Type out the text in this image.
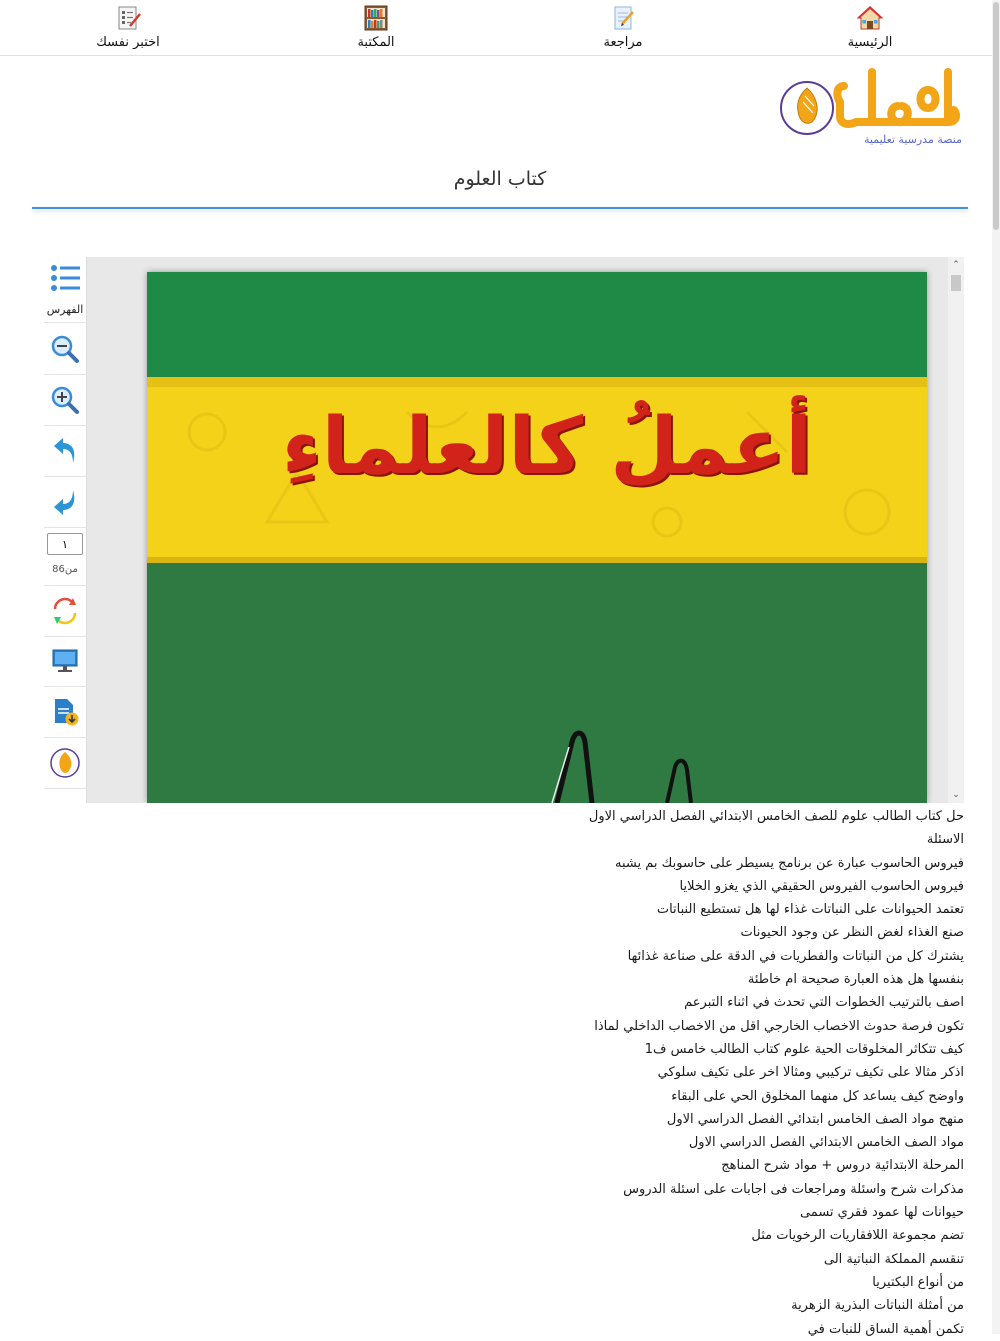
الرئيسية
مراجعة
المكتبة
اختبر نفسك
منصة مدرسية تعليمية
كتاب العلوم
الفهرس
١
86من
أعملُ كالعلماءِ
⌃
⌄
حل كتاب الطالب علوم للصف الخامس الابتدائي الفصل الدراسي الاول
الاسئلة
فيروس الحاسوب عبارة عن برنامج يسيطر على حاسوبك بم يشبه
فيروس الحاسوب الفيروس الحقيقي الذي يغزو الخلايا
تعتمد الحيوانات على النباتات غذاء لها هل تستطيع النباتات
صنع الغذاء لغض النظر عن وجود الحيونات
يشترك كل من النباتات والفطريات في الدقة على صناعة غذائها
بنفسها هل هذه العبارة صحيحة ام خاطئة
اصف بالترتيب الخطوات التي تحدث في اثناء التبرعم
تكون فرصة حدوث الاخصاب الخارجي اقل من الاخصاب الداخلي لماذا
كيف تتكاثر المخلوقات الحية علوم كتاب الطالب خامس ف1
اذكر مثالا على تكيف تركيبي ومثالا اخر على تكيف سلوكي
واوضح كيف يساعد كل منهما المخلوق الحي على البقاء
منهج مواد الصف الخامس ابتدائي الفصل الدراسي الاول
مواد الصف الخامس الابتدائي الفصل الدراسي الاول
المرحلة الابتدائية دروس + مواد شرح المناهج
مذكرات شرح واسئلة ومراجعات فى اجابات على اسئلة الدروس
حيوانات لها عمود فقري تسمى
تضم مجموعة اللافقاريات الرخويات مثل
تنقسم المملكة النباتية الى
من أنواع البكتيريا
من أمثلة النباتات البذرية الزهرية
تكمن أهمية الساق للنبات في
